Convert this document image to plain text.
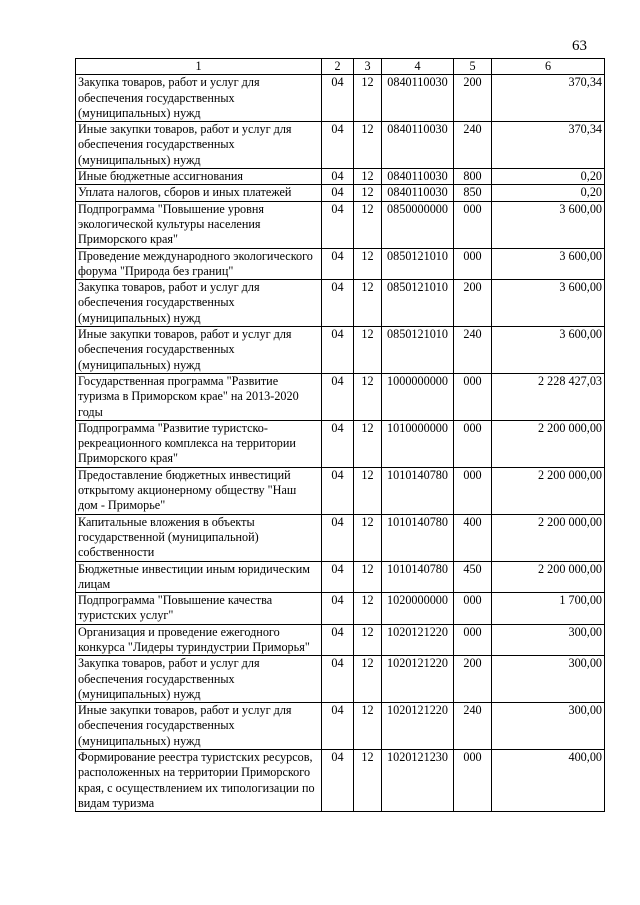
63
1	2	3	4	5	6
Закупка товаров, работ и услуг для обеспечения государственных (муниципальных) нужд	04	12	0840110030	200	370,34
Иные закупки товаров, работ и услуг для обеспечения государственных (муниципальных) нужд	04	12	0840110030	240	370,34
Иные бюджетные ассигнования	04	12	0840110030	800	0,20
Уплата налогов, сборов и иных платежей	04	12	0840110030	850	0,20
Подпрограмма "Повышение уровня экологической культуры населения Приморского края"	04	12	0850000000	000	3 600,00
Проведение международного экологического форума "Природа без границ"	04	12	0850121010	000	3 600,00
Закупка товаров, работ и услуг для обеспечения государственных (муниципальных) нужд	04	12	0850121010	200	3 600,00
Иные закупки товаров, работ и услуг для обеспечения государственных (муниципальных) нужд	04	12	0850121010	240	3 600,00
Государственная программа "Развитие туризма в Приморском крае" на 2013-2020 годы	04	12	1000000000	000	2 228 427,03
Подпрограмма "Развитие туристско-рекреационного комплекса на территории Приморского края"	04	12	1010000000	000	2 200 000,00
Предоставление бюджетных инвестиций открытому акционерному обществу "Наш дом - Приморье"	04	12	1010140780	000	2 200 000,00
Капитальные вложения в объекты государственной (муниципальной) собственности	04	12	1010140780	400	2 200 000,00
Бюджетные инвестиции иным юридическим лицам	04	12	1010140780	450	2 200 000,00
Подпрограмма "Повышение качества туристских услуг"	04	12	1020000000	000	1 700,00
Организация и проведение ежегодного конкурса "Лидеры туриндустрии Приморья"	04	12	1020121220	000	300,00
Закупка товаров, работ и услуг для обеспечения государственных (муниципальных) нужд	04	12	1020121220	200	300,00
Иные закупки товаров, работ и услуг для обеспечения государственных (муниципальных) нужд	04	12	1020121220	240	300,00
Формирование реестра туристских ресурсов, расположенных на территории Приморского края, с осуществлением их типологизации по видам туризма	04	12	1020121230	000	400,00
